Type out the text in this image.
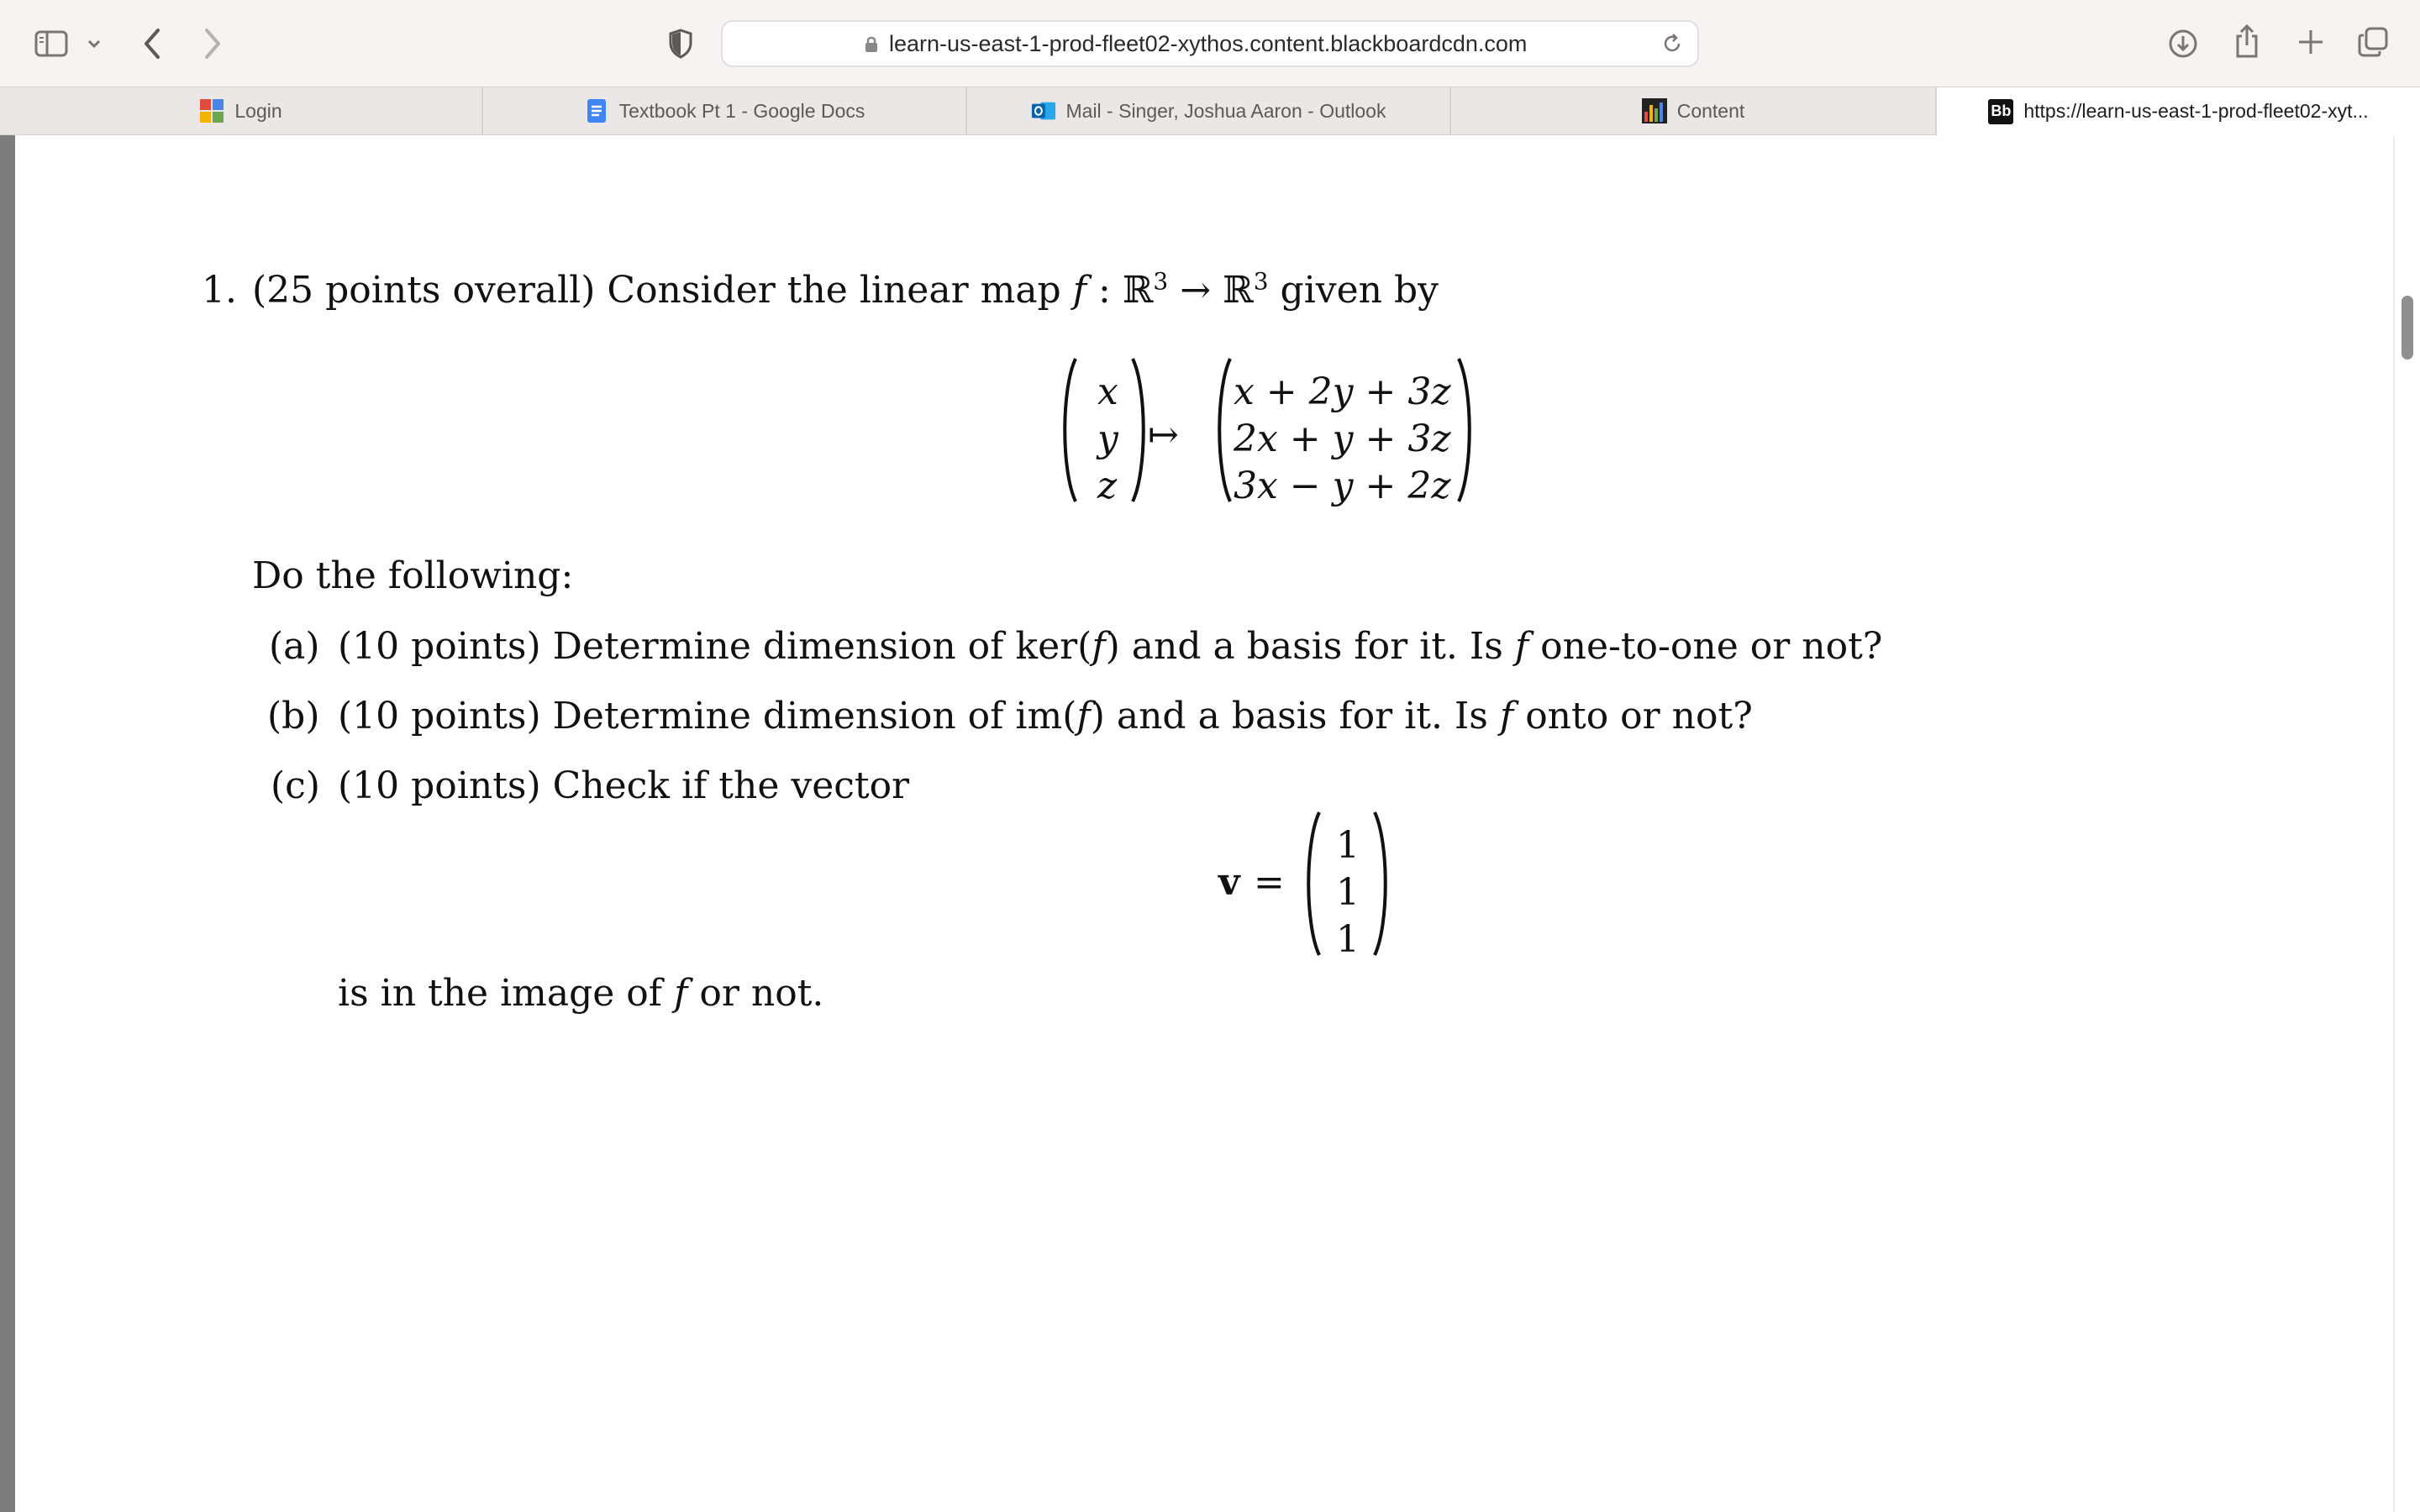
learn-us-east-1-prod-fleet02-xythos.content.blackboardcdn.com
Login	Textbook Pt 1 - Google Docs	Mail - Singer, Joshua Aaron - Outlook	Content	Bb https://learn-us-east-1-prod-fleet02-xyt...
1. (25 points overall) Consider the linear map f : ℝ$^3$ → ℝ$^3$ given by
x
y
z
↦
x + 2y + 3z
2x + y + 3z
3x − y + 2z
Do the following:
(a) (10 points) Determine dimension of ker(f) and a basis for it. Is f one-to-one or not?
(b) (10 points) Determine dimension of im(f) and a basis for it. Is f onto or not?
(c) (10 points) Check if the vector
v =
1
1
1
is in the image of f or not.
